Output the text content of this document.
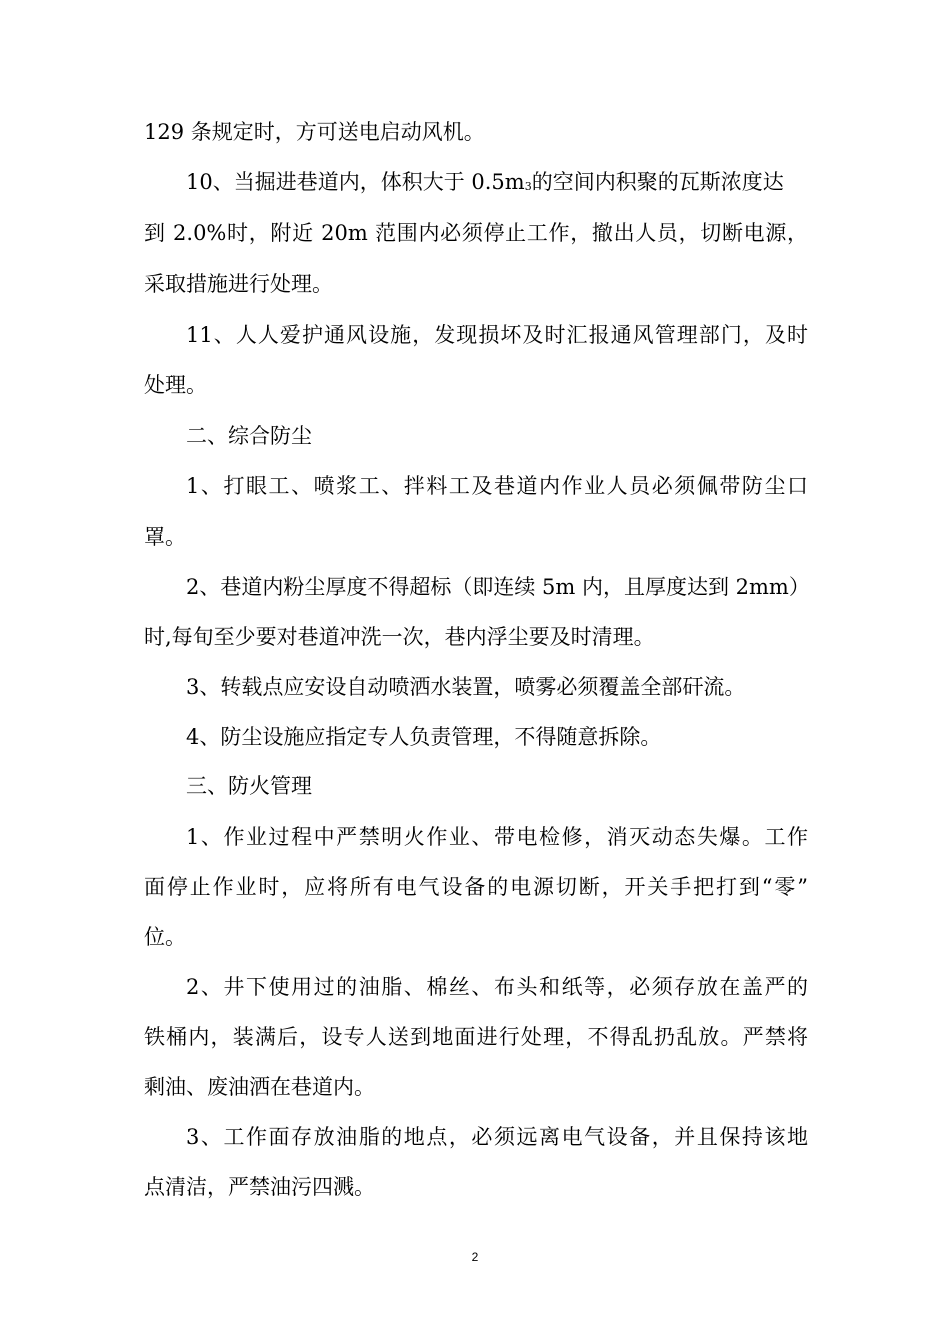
129 条规定时，方可送电启动风机。
10、当掘进巷道内，体积大于 0.5m3的空间内积聚的瓦斯浓度达
到 2.0%时，附近 20m 范围内必须停止工作，撤出人员，切断电源，
采取措施进行处理。
11、人人爱护通风设施，发现损坏及时汇报通风管理部门，及时
处理。
二、综合防尘
1、打眼工、喷浆工、拌料工及巷道内作业人员必须佩带防尘口
罩。
2、巷道内粉尘厚度不得超标（即连续 5m 内，且厚度达到 2mm）
时,每旬至少要对巷道冲洗一次，巷内浮尘要及时清理。
3、转载点应安设自动喷洒水装置，喷雾必须覆盖全部矸流。
4、防尘设施应指定专人负责管理，不得随意拆除。
三、防火管理
1、作业过程中严禁明火作业、带电检修，消灭动态失爆。工作
面停止作业时，应将所有电气设备的电源切断，开关手把打到“零”
位。
2、井下使用过的油脂、棉丝、布头和纸等，必须存放在盖严的
铁桶内，装满后，设专人送到地面进行处理，不得乱扔乱放。严禁将
剩油、废油洒在巷道内。
3、工作面存放油脂的地点，必须远离电气设备，并且保持该地
点清洁，严禁油污四溅。
2
